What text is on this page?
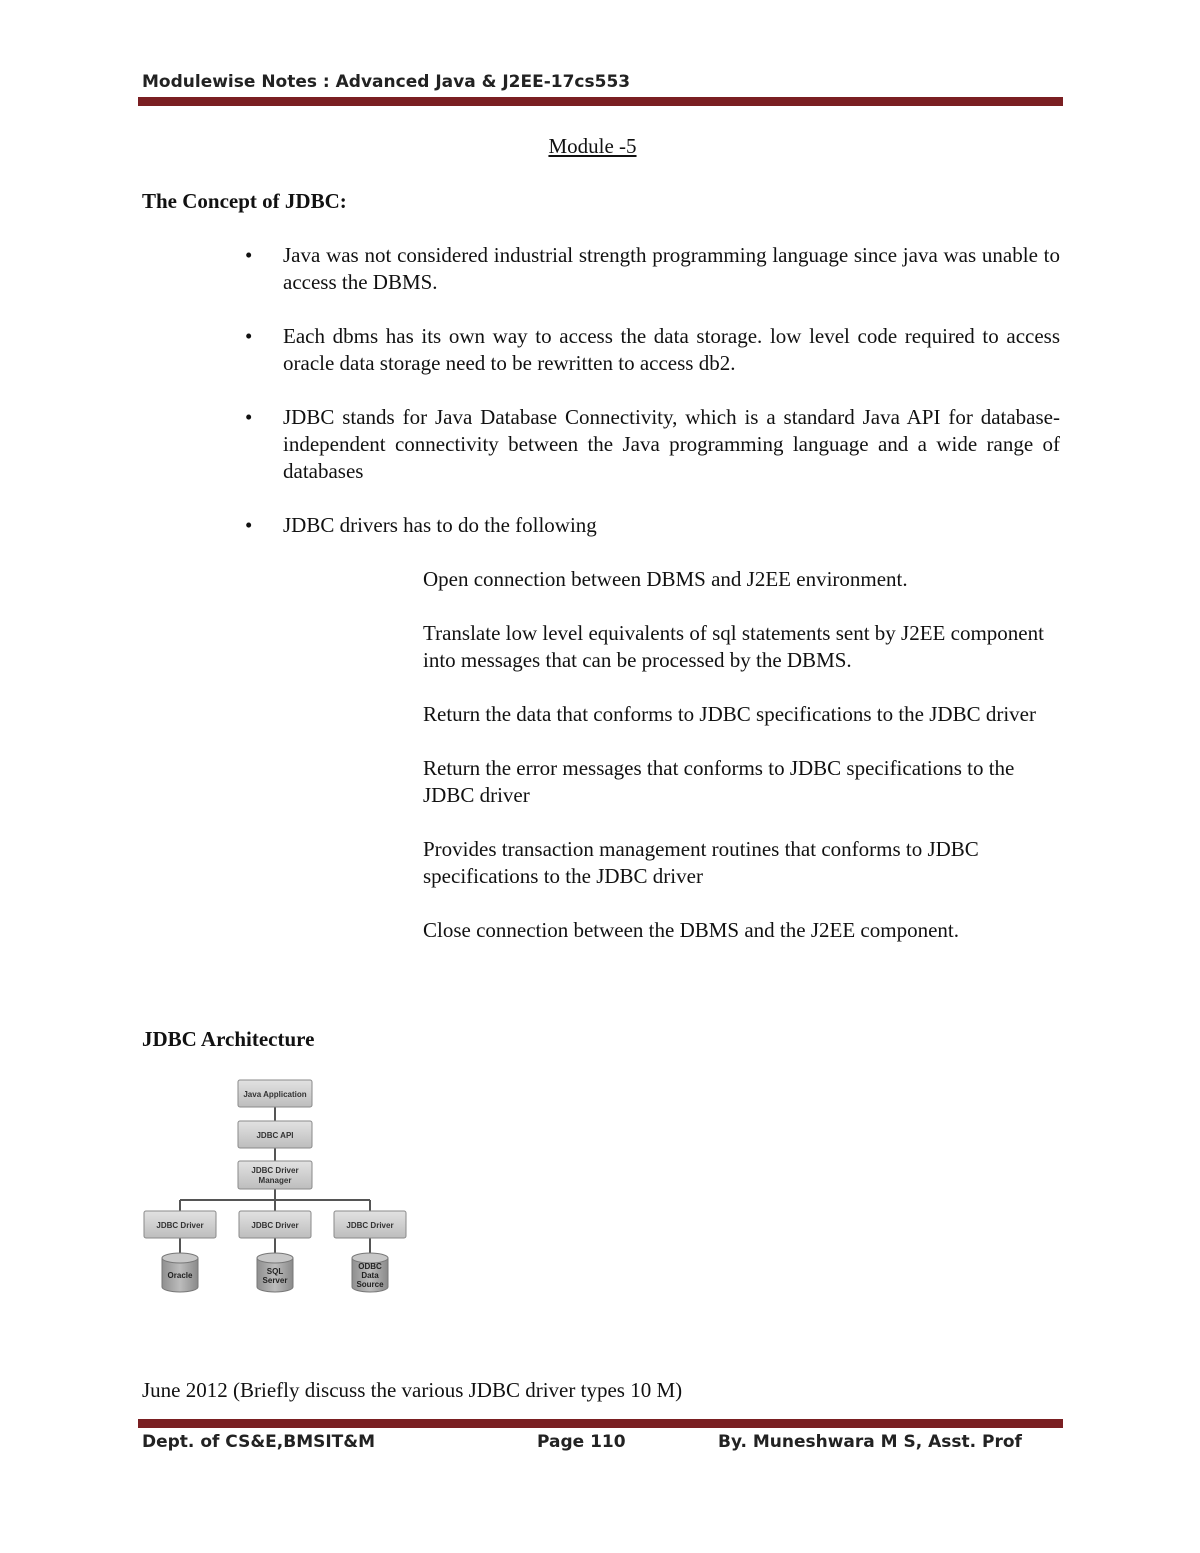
Modulewise Notes : Advanced Java & J2EE-17cs553
Module -5
The Concept of JDBC:
• Java was not considered industrial strength programming language since java was unable to access the DBMS.
• Each dbms has its own way to access the data storage. low level code required to access oracle data storage need to be rewritten to access db2.
• JDBC stands for Java Database Connectivity, which is a standard Java API for database-independent connectivity between the Java programming language and a wide range of databases
• JDBC drivers has to do the following
Open connection between DBMS and J2EE environment.
Translate low level equivalents of sql statements sent by J2EE component into messages that can be processed by the DBMS.
Return the data that conforms to JDBC specifications to the JDBC driver
Return the error messages that conforms to JDBC specifications to the JDBC driver
Provides transaction management routines that conforms to JDBC specifications to the JDBC driver
Close connection between the DBMS and the J2EE component.
JDBC Architecture
Java Application
JDBC API
JDBC Driver
Manager
JDBC Driver	JDBC Driver	JDBC Driver
Oracle	SQL
Server
ODBC
Data
Source
June 2012 (Briefly discuss the various JDBC driver types 10 M)
Dept. of CS&E,BMSIT&M	Page 110	By. Muneshwara M S, Asst. Prof
